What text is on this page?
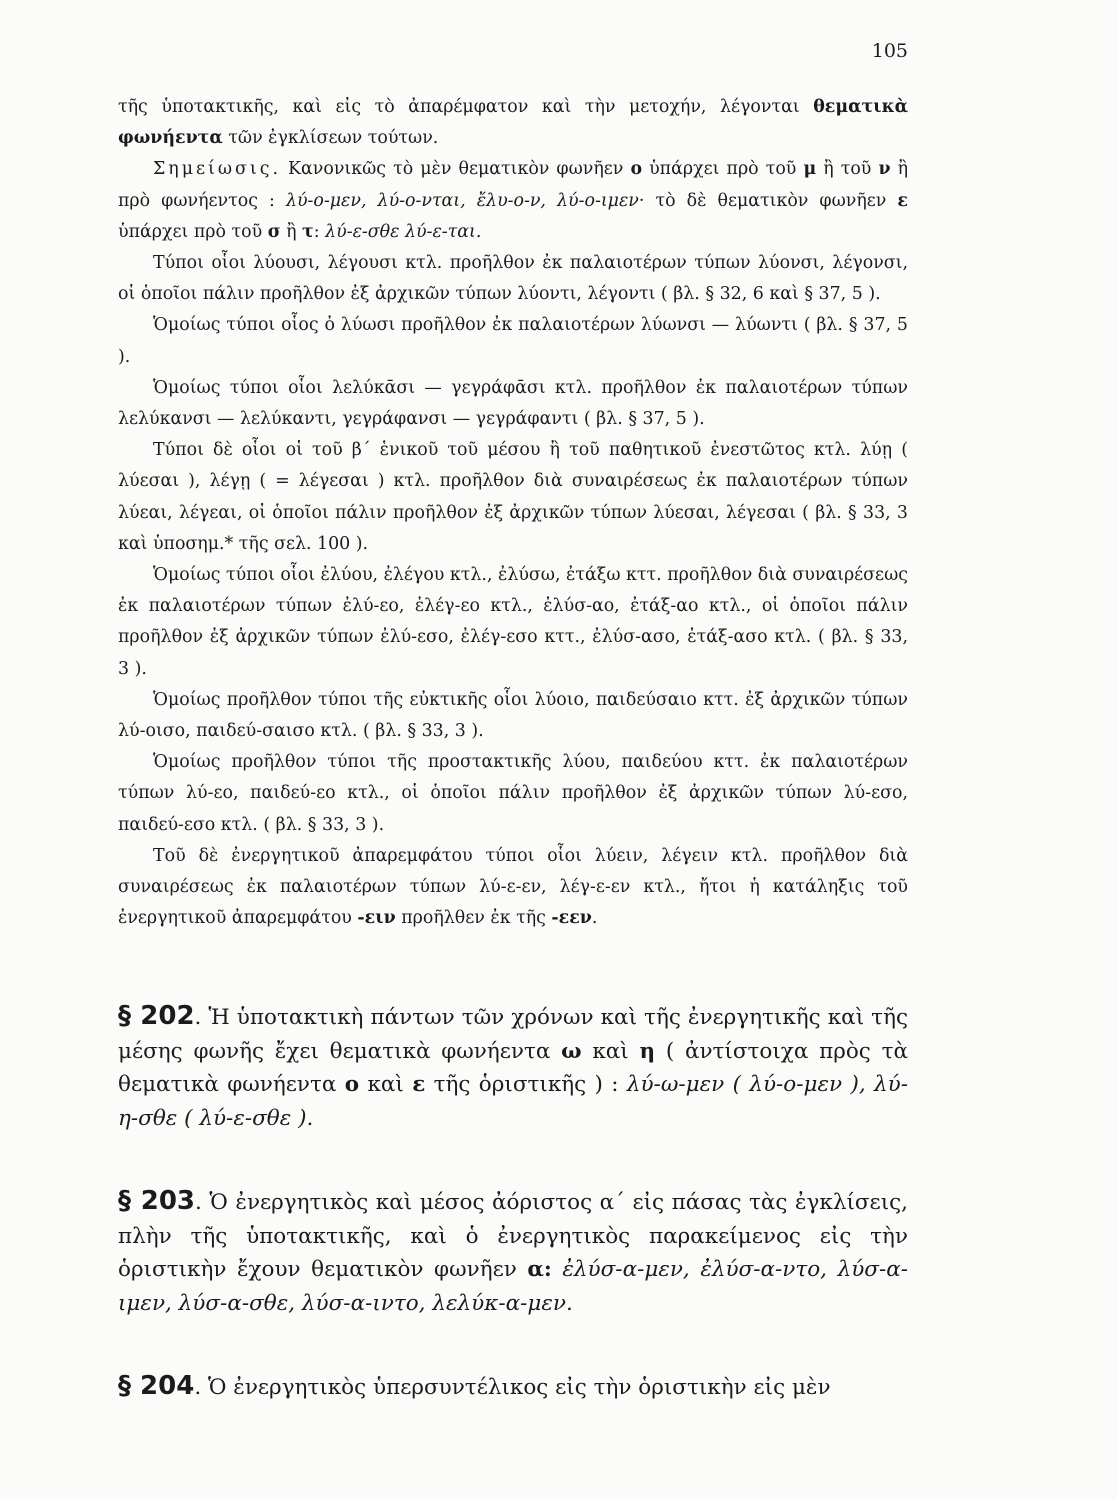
105

τῆς ὑποτακτικῆς, καὶ εἰς τὸ ἀπαρέμφατον καὶ τὴν μετοχήν, λέγονται θεματικὰ φωνήεντα τῶν ἐγκλίσεων τούτων.

Σημείωσις. Κανονικῶς τὸ μὲν θεματικὸν φωνῆεν ο ὑπάρχει πρὸ τοῦ μ ἢ τοῦ ν ἢ πρὸ φωνήεντος : λύ-ο-μεν, λύ-ο-νται, ἔλυ-ο-ν, λύ-ο-ιμεν· τὸ δὲ θεματικὸν φωνῆεν ε ὑπάρχει πρὸ τοῦ σ ἢ τ: λύ-ε-σθε λύ-ε-ται.

Τύποι οἷοι λύουσι, λέγουσι κτλ. προῆλθον ἐκ παλαιοτέρων τύπων λύονσι, λέγονσι, οἱ ὁποῖοι πάλιν προῆλθον ἐξ ἀρχικῶν τύπων λύοντι, λέγοντι ( βλ. § 32, 6 καὶ § 37, 5 ).

Ὁμοίως τύποι οἷος ὁ λύωσι προῆλθον ἐκ παλαιοτέρων λύωνσι — λύωντι ( βλ. § 37, 5 ).

Ὁμοίως τύποι οἷοι λελύκᾱσι — γεγράφᾱσι κτλ. προῆλθον ἐκ παλαιοτέρων τύπων λελύκανσι — λελύκαντι, γεγράφανσι — γεγράφαντι ( βλ. § 37, 5 ).

Τύποι δὲ οἷοι οἱ τοῦ β΄ ἑνικοῦ τοῦ μέσου ἢ τοῦ παθητικοῦ ἐνεστῶτος κτλ. λύῃ ( λύεσαι ), λέγῃ ( = λέγεσαι ) κτλ. προῆλθον διὰ συναιρέσεως ἐκ παλαιοτέρων τύπων λύεαι, λέγεαι, οἱ ὁποῖοι πάλιν προῆλθον ἐξ ἀρχικῶν τύπων λύεσαι, λέγεσαι ( βλ. § 33, 3 καὶ ὑποσημ.* τῆς σελ. 100 ).

Ὁμοίως τύποι οἷοι ἐλύου, ἐλέγου κτλ., ἐλύσω, ἐτάξω κττ. προῆλθον διὰ συναιρέσεως ἐκ παλαιοτέρων τύπων ἐλύ-εο, ἐλέγ-εο κτλ., ἐλύσ-αο, ἐτάξ-αο κτλ., οἱ ὁποῖοι πάλιν προῆλθον ἐξ ἀρχικῶν τύπων ἐλύ-εσο, ἐλέγ-εσο κττ., ἐλύσ-ασο, ἐτάξ-ασο κτλ. ( βλ. § 33, 3 ).

Ὁμοίως προῆλθον τύποι τῆς εὐκτικῆς οἷοι λύοιο, παιδεύσαιο κττ. ἐξ ἀρχικῶν τύπων λύ-οισο, παιδεύ-σαισο κτλ. ( βλ. § 33, 3 ).

Ὁμοίως προῆλθον τύποι τῆς προστακτικῆς λύου, παιδεύου κττ. ἐκ παλαιοτέρων τύπων λύ-εο, παιδεύ-εο κτλ., οἱ ὁποῖοι πάλιν προῆλθον ἐξ ἀρχικῶν τύπων λύ-εσο, παιδεύ-εσο κτλ. ( βλ. § 33, 3 ).

Τοῦ δὲ ἐνεργητικοῦ ἀπαρεμφάτου τύποι οἷοι λύειν, λέγειν κτλ. προῆλθον διὰ συναιρέσεως ἐκ παλαιοτέρων τύπων λύ-ε-εν, λέγ-ε-εν κτλ., ἤτοι ἡ κατάληξις τοῦ ἐνεργητικοῦ ἀπαρεμφάτου -ειν προῆλθεν ἐκ τῆς -εεν.

§ 202. Ἡ ὑποτακτικὴ πάντων τῶν χρόνων καὶ τῆς ἐνεργητικῆς καὶ τῆς μέσης φωνῆς ἔχει θεματικὰ φωνήεντα ω καὶ η ( ἀντίστοιχα πρὸς τὰ θεματικὰ φωνήεντα ο καὶ ε τῆς ὁριστικῆς ) : λύ-ω-μεν ( λύ-ο-μεν ), λύ-η-σθε ( λύ-ε-σθε ).

§ 203. Ὁ ἐνεργητικὸς καὶ μέσος ἀόριστος α΄ εἰς πάσας τὰς ἐγκλίσεις, πλὴν τῆς ὑποτακτικῆς, καὶ ὁ ἐνεργητικὸς παρακείμενος εἰς τὴν ὁριστικὴν ἔχουν θεματικὸν φωνῆεν α: ἐλύσ-α-μεν, ἐλύσ-α-ντο, λύσ-α-ιμεν, λύσ-α-σθε, λύσ-α-ιντο, λελύκ-α-μεν.

§ 204. Ὁ ἐνεργητικὸς ὑπερσυντέλικος εἰς τὴν ὁριστικὴν εἰς μὲν
